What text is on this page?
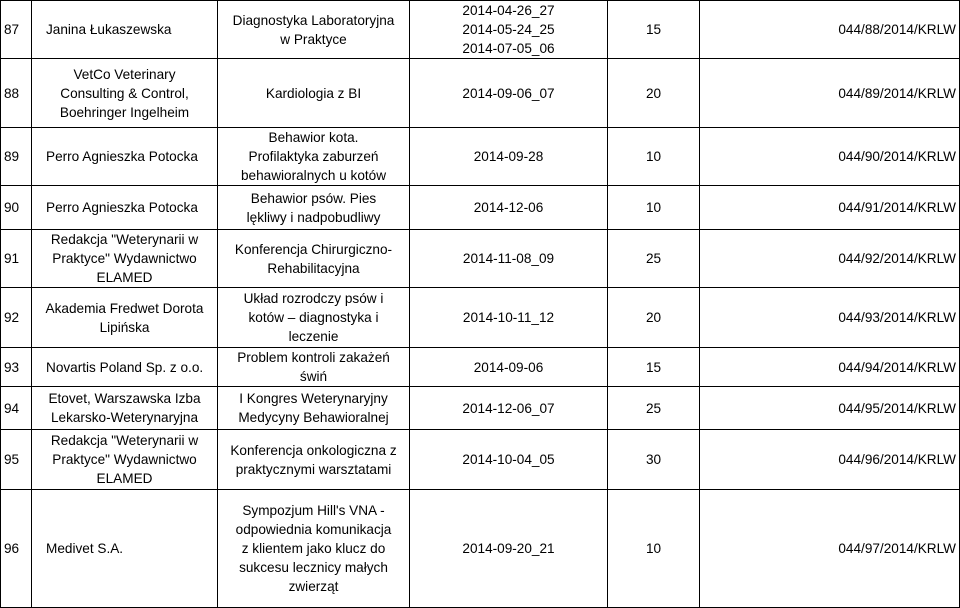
87	Janina Łukaszewska	Diagnostyka Laboratoryjna
w Praktyce	2014-04-26_27
2014-05-24_25
2014-07-05_06	15	044/88/2014/KRLW
88	VetCo Veterinary
Consulting & Control,
Boehringer Ingelheim	Kardiologia z BI	2014-09-06_07	20	044/89/2014/KRLW
89	Perro Agnieszka Potocka	Behawior kota.
Profilaktyka zaburzeń
behawioralnych u kotów	2014-09-28	10	044/90/2014/KRLW
90	Perro Agnieszka Potocka	Behawior psów. Pies
lękliwy i nadpobudliwy	2014-12-06	10	044/91/2014/KRLW
91	Redakcja "Weterynarii w
Praktyce" Wydawnictwo
ELAMED	Konferencja Chirurgiczno-
Rehabilitacyjna	2014-11-08_09	25	044/92/2014/KRLW
92	Akademia Fredwet Dorota
Lipińska	Układ rozrodczy psów i
kotów – diagnostyka i
leczenie	2014-10-11_12	20	044/93/2014/KRLW
93	Novartis Poland Sp. z o.o.	Problem kontroli zakażeń
świń	2014-09-06	15	044/94/2014/KRLW
94	Etovet, Warszawska Izba
Lekarsko-Weterynaryjna	I Kongres Weterynaryjny
Medycyny Behawioralnej	2014-12-06_07	25	044/95/2014/KRLW
95	Redakcja "Weterynarii w
Praktyce" Wydawnictwo
ELAMED	Konferencja onkologiczna z
praktycznymi warsztatami	2014-10-04_05	30	044/96/2014/KRLW
96	Medivet S.A.	Sympozjum Hill's VNA -
odpowiednia komunikacja
z klientem jako klucz do
sukcesu lecznicy małych
zwierząt	2014-09-20_21	10	044/97/2014/KRLW
